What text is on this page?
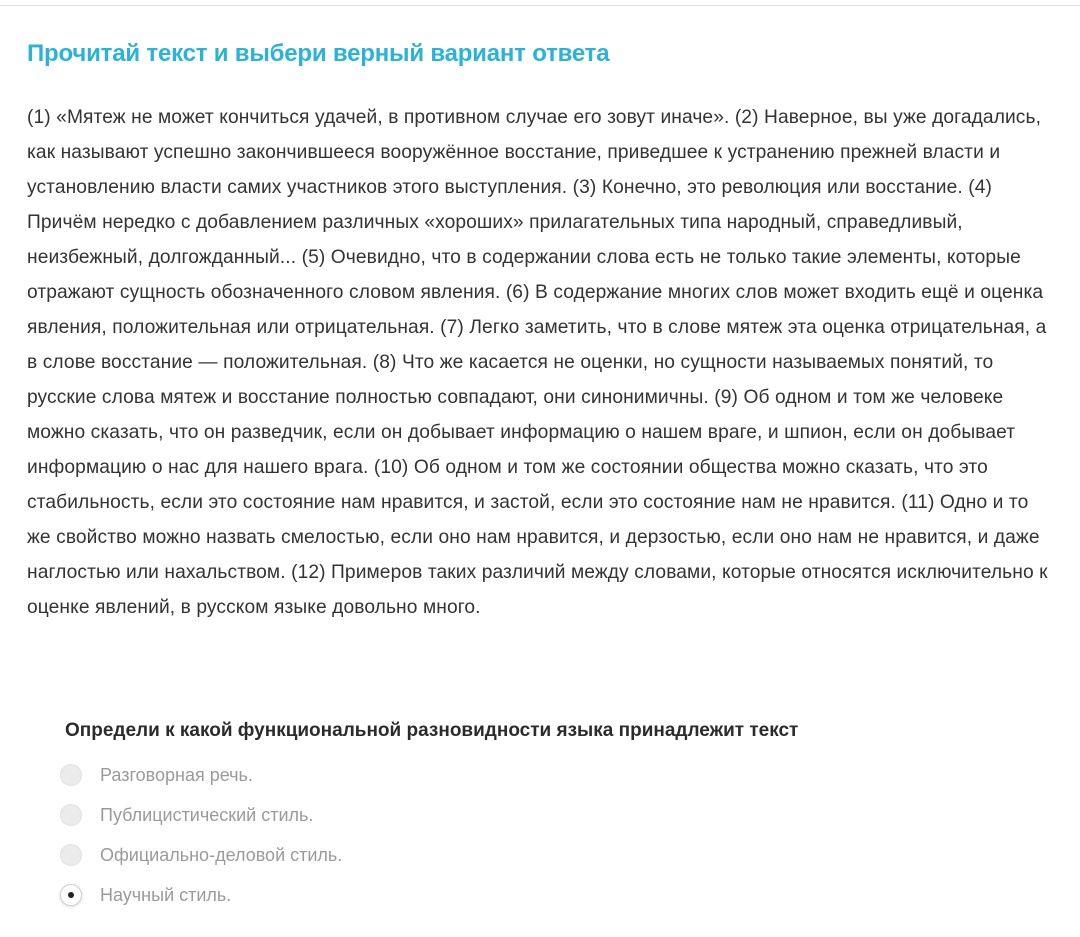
Прочитай текст и выбери верный вариант ответа

(1) «Мятеж не может кончиться удачей, в противном случае его зовут иначе». (2) Наверное, вы уже догадались, как называют успешно закончившееся вооружённое восстание, приведшее к устранению прежней власти и установлению власти самих участников этого выступления. (3) Конечно, это революция или восстание. (4) Причём нередко с добавлением различных «хороших» прилагательных типа народный, справедливый, неизбежный, долгожданный... (5) Очевидно, что в содержании слова есть не только такие элементы, которые отражают сущность обозначенного словом явления. (6) В содержание многих слов может входить ещё и оценка явления, положительная или отрицательная. (7) Легко заметить, что в слове мятеж эта оценка отрицательная, а в слове восстание — положительная. (8) Что же касается не оценки, но сущности называемых понятий, то русские слова мятеж и восстание полностью совпадают, они синонимичны. (9) Об одном и том же человеке можно сказать, что он разведчик, если он добывает информацию о нашем враге, и шпион, если он добывает информацию о нас для нашего врага. (10) Об одном и том же состоянии общества можно сказать, что это стабильность, если это состояние нам нравится, и застой, если это состояние нам не нравится. (11) Одно и то же свойство можно назвать смелостью, если оно нам нравится, и дерзостью, если оно нам не нравится, и даже наглостью или нахальством. (12) Примеров таких различий между словами, которые относятся исключительно к оценке явлений, в русском языке довольно много.

Определи к какой функциональной разновидности языка принадлежит текст

Разговорная речь.
Публицистический стиль.
Официально-деловой стиль.
Научный стиль.
